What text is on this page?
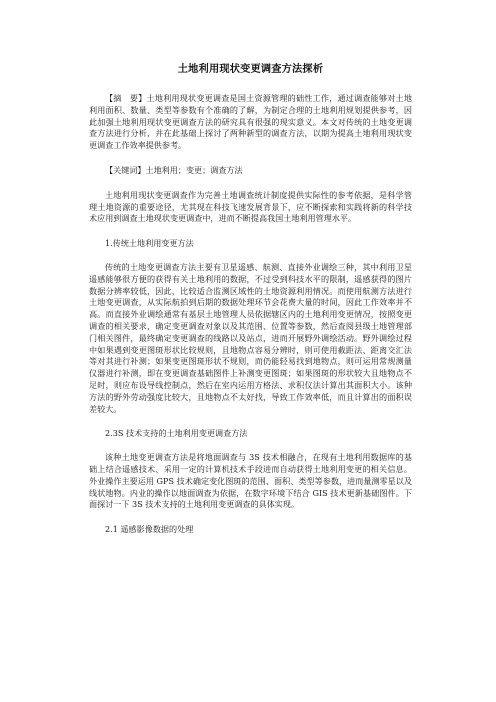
土地利用现状变更调查方法探析

【摘　要】土地利用现状变更调查是国土资源管理的础性工作，通过调查能够对土地利用面积、数量、类型等参数有个准确的了解，为制定合理的土地利用规划提供参考，因此加强土地利用现状变更调查方法的研究具有很强的现实意义。本文对传统的土地变更调查方法进行分析，并在此基础上探讨了两种新型的调查方法，以期为提高土地利用现状变更调查工作效率提供参考。

【关键词】土地利用；变更；调查方法

土地利用现状变更调查作为完善土地调查统计制度提供实际性的参考依据，是科学管理土地资源的重要途径，尤其现在科技飞速发展背景下，应不断探索和实践将新的科学技术应用到调查土地现状变更调查中，进而不断提高我国土地利用管理水平。

1.传统土地利用变更方法

传统的土地变更调查方法主要有卫星遥感、航测、直接外业调绘三种，其中利用卫星遥感能够很方便的获得有关土地利用的数据，不过受到科技水平的限制，遥感获得的图片数据分辨率较低，因此，比较适合监测区域性的土地资源利用情况。而使用航测方法进行土地变更调查，从实际航拍到后期的数据处理环节会花费大量的时间，因此工作效率并不高。而直接外业调绘通常有基层土地管理人员依据辖区内的土地利用变更情况，按照变更调查的相关要求，确定变更调查对象以及其范围、位置等参数，然后查阅县级土地管理部门相关图件，最终确定变更调查的线路以及站点，进而开展野外调绘活动。野外调绘过程中如果遇到变更图斑形状比较规则，且地物点容易分辨时，则可使用截距法、距离交汇法等对其进行补测；如果变更图斑形状不规则，而仍能轻易找到地物点，则可运用常规测量仪器进行补测，即在变更调查基础图件上补测变更图斑；如果图斑的形状较大且地物点不足时，则应布设导线控制点，然后在室内运用方格法、求积仪法计算出其面积大小。该种方法的野外劳动强度比较大，且地物点不太好找，导致工作效率低，而且计算出的面积误差较大。

2.3S 技术支持的土地利用变更调查方法

该种土地变更调查方法是将地面调查与 3S 技术相融合，在现有土地利用数据库的基础上结合遥感技术、采用一定的计算机技术手段进而自动获得土地利用变更的相关信息。外业操作主要运用 GPS 技术确定变化图斑的范围、面积、类型等参数，进而量测零星以及线状地物。内业的操作以地面调查为依据，在数字环境下结合 GIS 技术更新基础图件。下面探讨一下 3S 技术支持的土地利用变更调查的具体实现。

2.1 遥感影像数据的处理
